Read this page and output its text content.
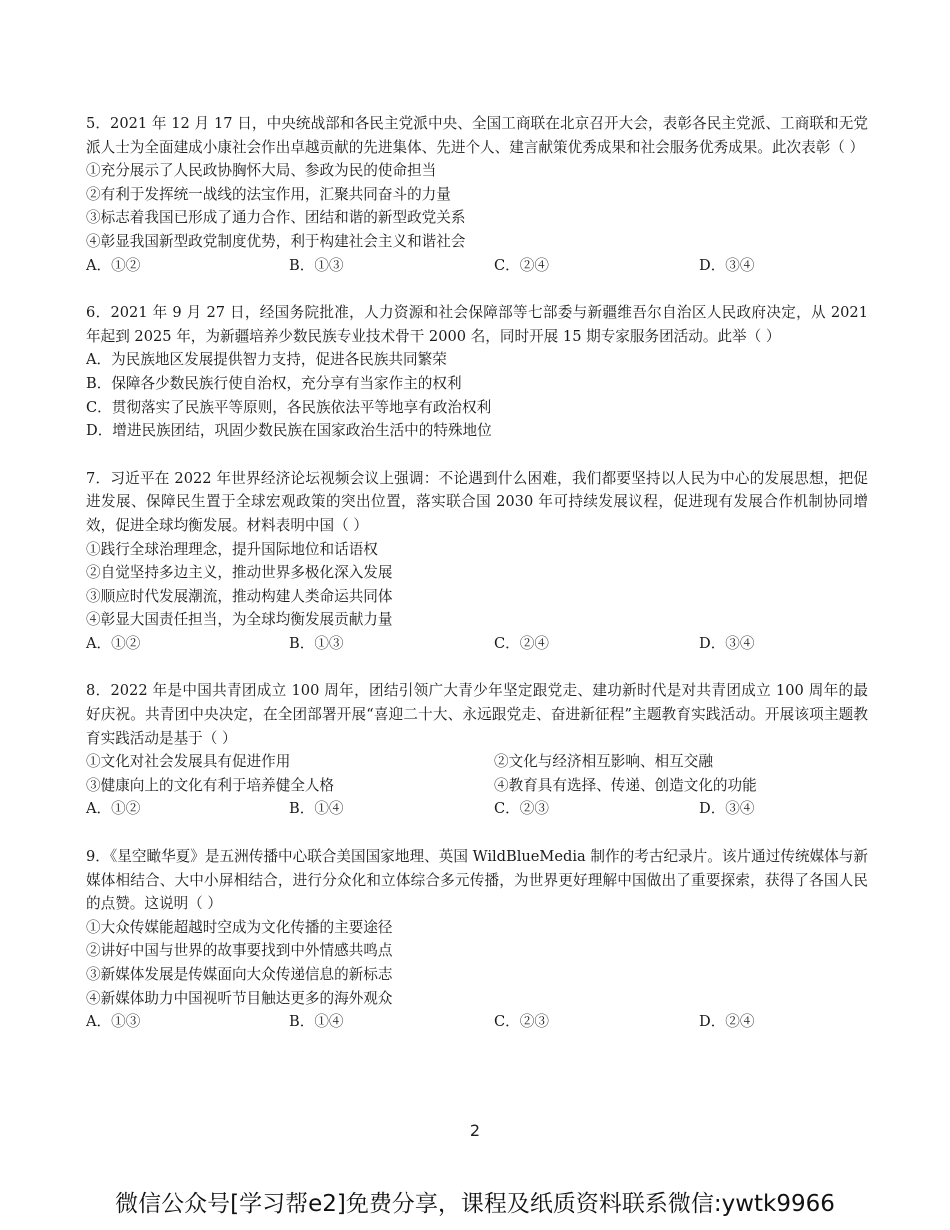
5．2021 年 12 月 17 日，中央统战部和各民主党派中央、全国工商联在北京召开大会，表彰各民主党派、工商联和无党派人士为全面建成小康社会作出卓越贡献的先进集体、先进个人、建言献策优秀成果和社会服务优秀成果。此次表彰（ ）

①充分展示了人民政协胸怀大局、参政为民的使命担当

②有利于发挥统一战线的法宝作用，汇聚共同奋斗的力量

③标志着我国已形成了通力合作、团结和谐的新型政党关系

④彰显我国新型政党制度优势，利于构建社会主义和谐社会

A．①②	B．①③	C．②④	D．③④

6．2021 年 9 月 27 日，经国务院批准，人力资源和社会保障部等七部委与新疆维吾尔自治区人民政府决定，从 2021 年起到 2025 年，为新疆培养少数民族专业技术骨干 2000 名，同时开展 15 期专家服务团活动。此举（ ）

A．为民族地区发展提供智力支持，促进各民族共同繁荣

B．保障各少数民族行使自治权，充分享有当家作主的权利

C．贯彻落实了民族平等原则，各民族依法平等地享有政治权利

D．增进民族团结，巩固少数民族在国家政治生活中的特殊地位

7．习近平在 2022 年世界经济论坛视频会议上强调：不论遇到什么困难，我们都要坚持以人民为中心的发展思想，把促进发展、保障民生置于全球宏观政策的突出位置，落实联合国 2030 年可持续发展议程，促进现有发展合作机制协同增效，促进全球均衡发展。材料表明中国（ ）

①践行全球治理理念，提升国际地位和话语权

②自觉坚持多边主义，推动世界多极化深入发展

③顺应时代发展潮流，推动构建人类命运共同体

④彰显大国责任担当，为全球均衡发展贡献力量

A．①②	B．①③	C．②④	D．③④

8．2022 年是中国共青团成立 100 周年，团结引领广大青少年坚定跟党走、建功新时代是对共青团成立 100 周年的最好庆祝。共青团中央决定，在全团部署开展“喜迎二十大、永远跟党走、奋进新征程”主题教育实践活动。开展该项主题教育实践活动是基于（ ）

①文化对社会发展具有促进作用	②文化与经济相互影响、相互交融
③健康向上的文化有利于培养健全人格	④教育具有选择、传递、创造文化的功能
A．①②	B．①④	C．②③	D．③④

9．《星空瞰华夏》是五洲传播中心联合美国国家地理、英国 WildBlueMedia 制作的考古纪录片。该片通过传统媒体与新媒体相结合、大中小屏相结合，进行分众化和立体综合多元传播，为世界更好理解中国做出了重要探索，获得了各国人民的点赞。这说明（ ）

①大众传媒能超越时空成为文化传播的主要途径

②讲好中国与世界的故事要找到中外情感共鸣点

③新媒体发展是传媒面向大众传递信息的新标志

④新媒体助力中国视听节目触达更多的海外观众

A．①③	B．①④	C．②③	D．②④
2
微信公众号[学习帮e2]免费分享，课程及纸质资料联系微信:ywtk9966
